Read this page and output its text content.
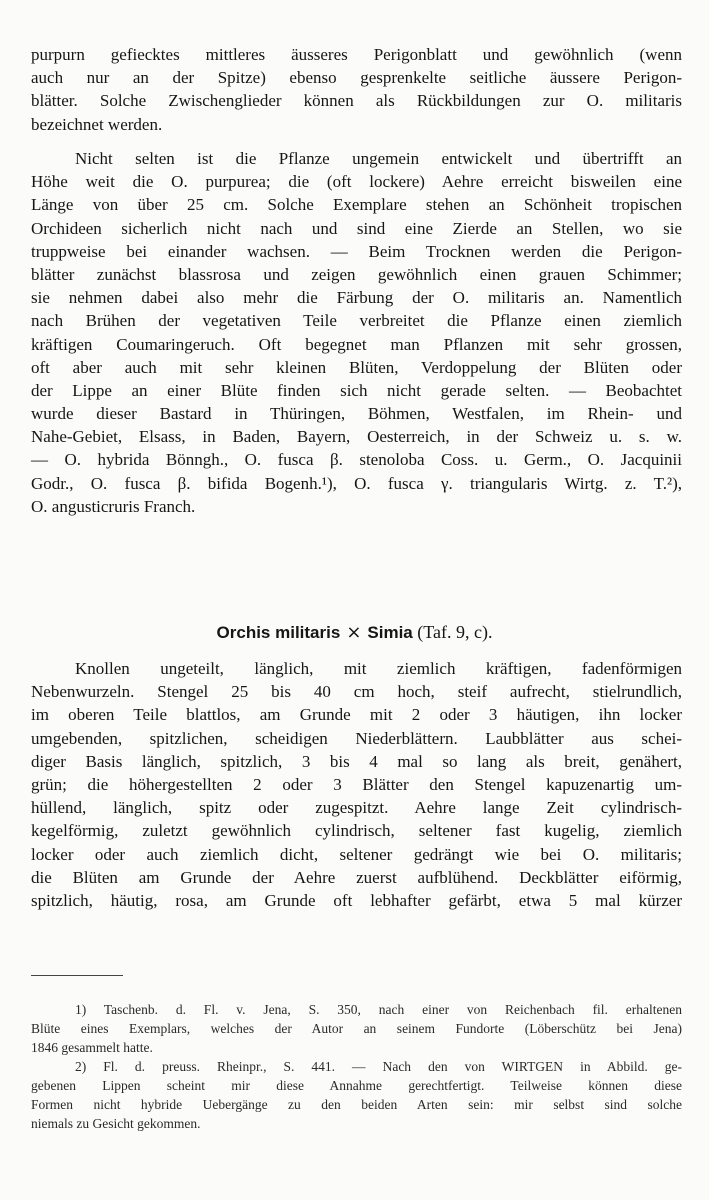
purpurn gefiecktes mittleres äusseres Perigonblatt und gewöhnlich (wenn
auch nur an der Spitze) ebenso gesprenkelte seitliche äussere Perigon-
blätter. Solche Zwischenglieder können als Rückbildungen zur O. militaris
bezeichnet werden.
Nicht selten ist die Pflanze ungemein entwickelt und übertrifft an
Höhe weit die O. purpurea; die (oft lockere) Aehre erreicht bisweilen eine
Länge von über 25 cm. Solche Exemplare stehen an Schönheit tropischen
Orchideen sicherlich nicht nach und sind eine Zierde an Stellen, wo sie
truppweise bei einander wachsen. — Beim Trocknen werden die Perigon-
blätter zunächst blassrosa und zeigen gewöhnlich einen grauen Schimmer;
sie nehmen dabei also mehr die Färbung der O. militaris an. Namentlich
nach Brühen der vegetativen Teile verbreitet die Pflanze einen ziemlich
kräftigen Coumaringeruch. Oft begegnet man Pflanzen mit sehr grossen,
oft aber auch mit sehr kleinen Blüten, Verdoppelung der Blüten oder
der Lippe an einer Blüte finden sich nicht gerade selten. — Beobachtet
wurde dieser Bastard in Thüringen, Böhmen, Westfalen, im Rhein- und
Nahe-Gebiet, Elsass, in Baden, Bayern, Oesterreich, in der Schweiz u. s. w.
— O. hybrida Bönngh., O. fusca β. stenoloba Coss. u. Germ., O. Jacquinii
Godr., O. fusca β. bifida Bogenh.¹), O. fusca γ. triangularis Wirtg. z. T.²),
O. angusticruris Franch.
Orchis militaris × Simia (Taf. 9, c).
Knollen ungeteilt, länglich, mit ziemlich kräftigen, fadenförmigen
Nebenwurzeln. Stengel 25 bis 40 cm hoch, steif aufrecht, stielrundlich,
im oberen Teile blattlos, am Grunde mit 2 oder 3 häutigen, ihn locker
umgebenden, spitzlichen, scheidigen Niederblättern. Laubblätter aus schei-
diger Basis länglich, spitzlich, 3 bis 4 mal so lang als breit, genähert,
grün; die höhergestellten 2 oder 3 Blätter den Stengel kapuzenartig um-
hüllend, länglich, spitz oder zugespitzt. Aehre lange Zeit cylindrisch-
kegelförmig, zuletzt gewöhnlich cylindrisch, seltener fast kugelig, ziemlich
locker oder auch ziemlich dicht, seltener gedrängt wie bei O. militaris;
die Blüten am Grunde der Aehre zuerst aufblühend. Deckblätter eiförmig,
spitzlich, häutig, rosa, am Grunde oft lebhafter gefärbt, etwa 5 mal kürzer
1) Taschenb. d. Fl. v. Jena, S. 350, nach einer von Reichenbach fil. erhaltenen
Blüte eines Exemplars, welches der Autor an seinem Fundorte (Löberschütz bei Jena)
1846 gesammelt hatte.
2) Fl. d. preuss. Rheinpr., S. 441. — Nach den von WIRTGEN in Abbild. ge-
gebenen Lippen scheint mir diese Annahme gerechtfertigt. Teilweise können diese
Formen nicht hybride Uebergänge zu den beiden Arten sein: mir selbst sind solche
niemals zu Gesicht gekommen.
